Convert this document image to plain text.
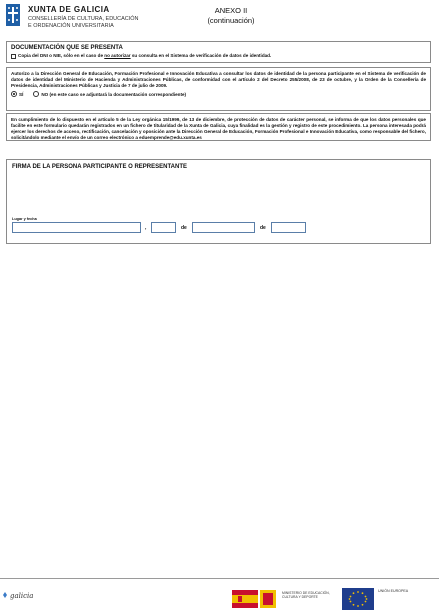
XUNTA DE GALICIA
CONSELLERÍA DE CULTURA, EDUCACIÓN
E ORDENACIÓN UNIVERSITARIA
ANEXO II
(continuación)
DOCUMENTACIÓN QUE SE PRESENTA
Copia del DNI o NIE, sólo en el caso de
no autorizar
su consulta en el Sistema de verificación de datos de identidad.
Autorizo a la Dirección General de Educación, Formación Profesional e Innovación Educativa a consultar los datos de identidad de la persona participante en el Sistema de verificación de datos de identidad del Ministerio de Hacienda y Administraciones Públicas, de conformidad con el artículo 2 del Decreto 255/2008, de 23 de octubre, y la Orden de la Consellería de Presidencia, Administraciones Públicas y Justicia de 7 de julio de 2009.
SÍ	NO (en este caso se adjuntará la documentación correspondiente)
En cumplimiento de lo dispuesto en el artículo 5 de la Ley orgánica 15/1999, de 13 de diciembre, de protección de datos de carácter personal, se informa de que los datos personales que facilite en este formulario quedarán registrados en un fichero de titularidad de la Xunta de Galicia, cuya finalidad es la gestión y registro de este procedimiento. La persona interesada podrá ejercer los derechos de acceso, rectificación, cancelación y oposición ante la Dirección General de Educación, Formación Profesional e Innovación Educativa, como responsable del fichero, solicitándolo mediante el envío de un correo electrónico a eduemprende@edu.xunta.es
FIRMA DE LA PERSONA PARTICIPANTE O REPRESENTANTE
Lugar y fecha
,	de	de
galicia	MINISTERIO DE EDUCACIÓN, CULTURA Y DEPORTE
UNIÓN EUROPEA
